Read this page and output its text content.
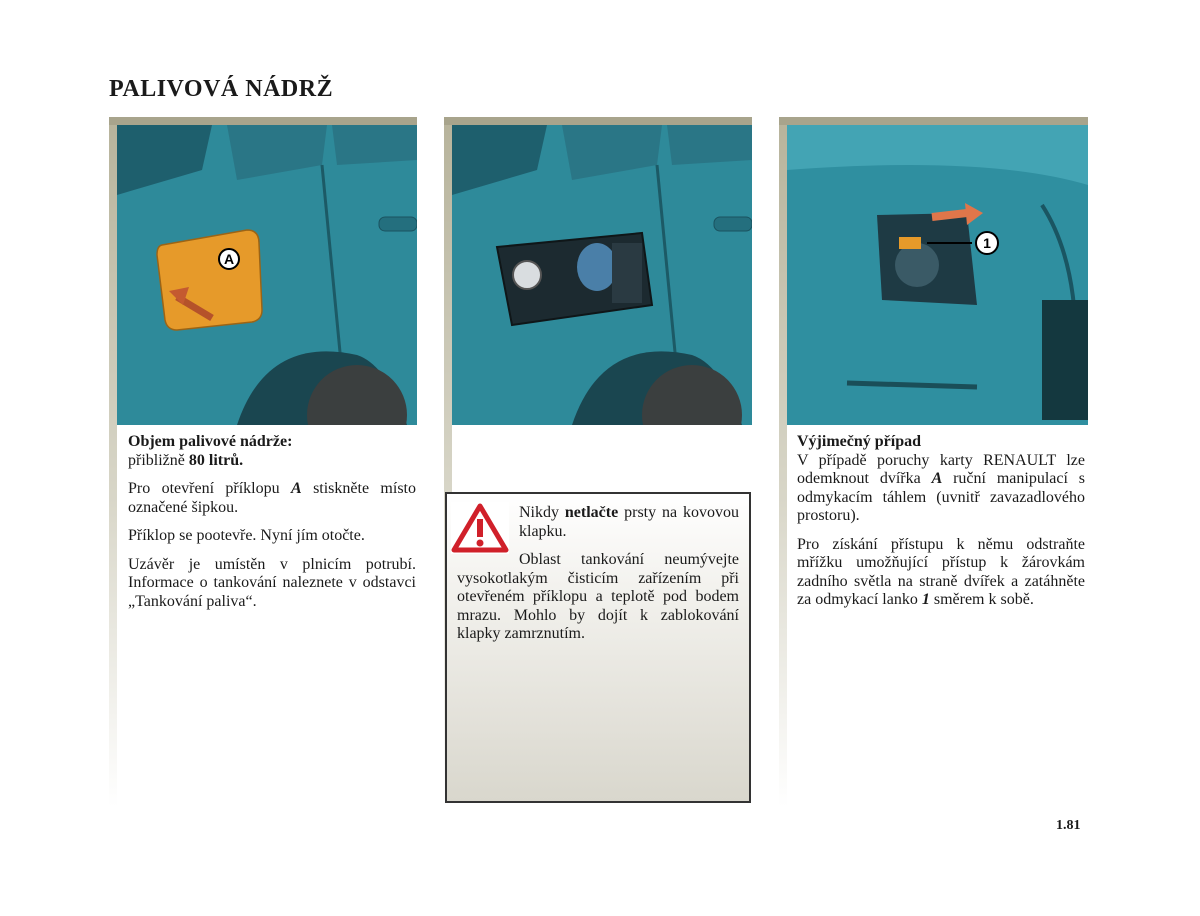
PALIVOVÁ NÁDRŽ
A
1

Objem palivové nádrže:
přibližně 80 litrů.

Pro otevření příklopu A stiskněte místo označené šipkou.

Příklop se pootevře. Nyní jím otočte.

Uzávěr je umístěn v plnicím potrubí. Informace o tankování naleznete v odstavci „Tankování paliva“.

Nikdy netlačte prsty na kovovou klapku.

Oblast tankování neumývejte vysokotlakým čisticím zařízením při otevřeném příklopu a teplotě pod bodem mrazu. Mohlo by dojít k zablokování klapky zamrznutím.

Výjimečný případ
V případě poruchy karty RENAULT lze odemknout dvířka A ruční manipulací s odmykacím táhlem (uvnitř zavazadlového prostoru).

Pro získání přístupu k němu odstraňte mřížku umožňující přístup k žárovkám zadního světla na straně dvířek a zatáhněte za odmykací lanko 1 směrem k sobě.

1.81
